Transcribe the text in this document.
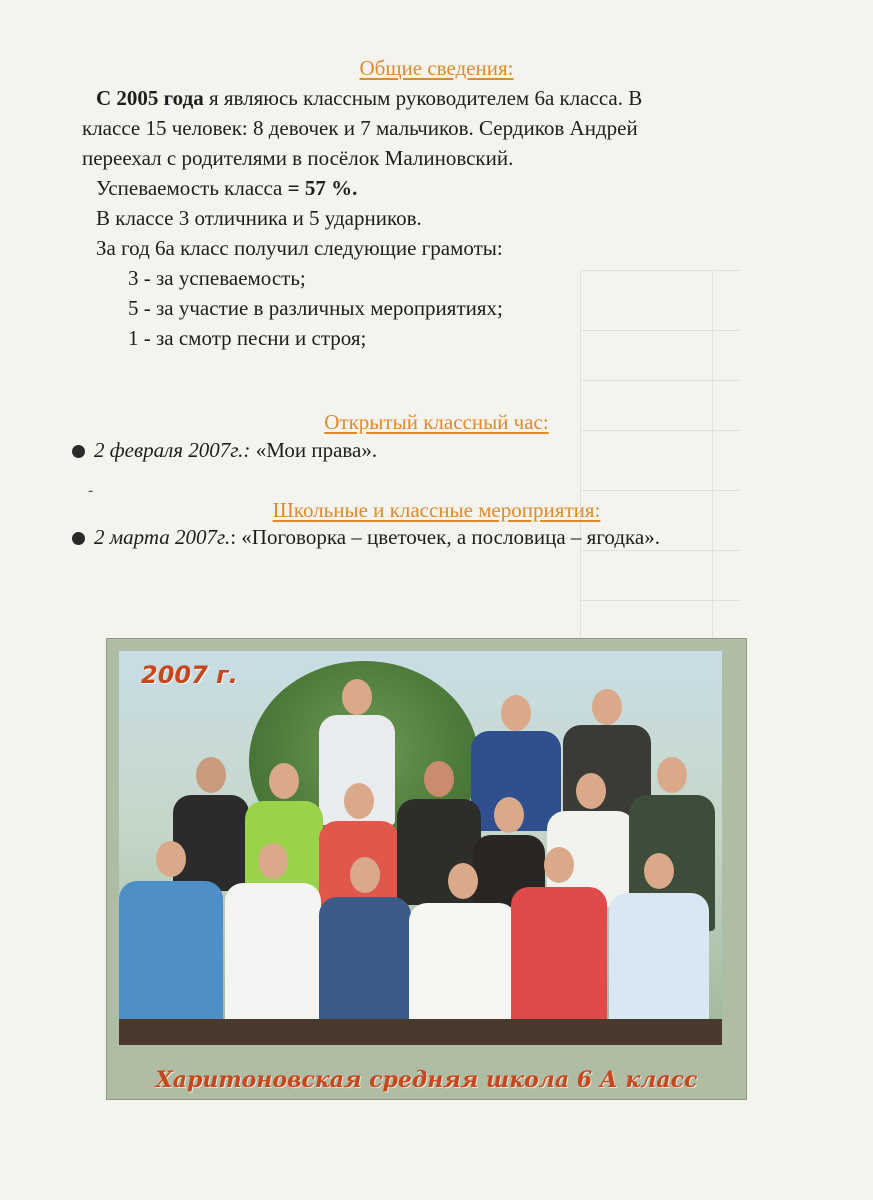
Общие сведения:
С 2005 года я являюсь классным руководителем 6а класса. В
классе 15 человек: 8 девочек и 7 мальчиков. Сердиков Андрей
переехал с родителями в посёлок Малиновский.
Успеваемость класса = 57 %.
В классе 3 отличника и 5 ударников.
За год 6а класс получил следующие грамоты:
3 - за успеваемость;
5 - за участие в различных мероприятиях;
1 - за смотр песни и строя;
Открытый классный час:
2 февраля 2007г.: «Мои права».
-
Школьные и классные мероприятия:
2 марта 2007г.: «Поговорка – цветочек, а пословица – ягодка».
2007 г.
Харитоновская средняя школа 6 А класс
